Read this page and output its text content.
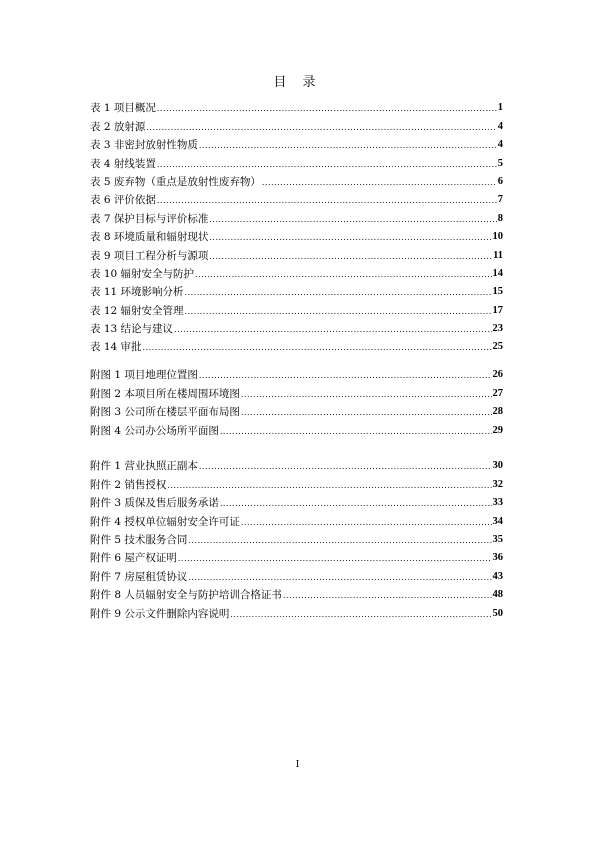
目 录
表 1 项目概况 .....	1
表 2 放射源 .....	4
表 3 非密封放射性物质 .....	4
表 4 射线装置 .....	5
表 5 废弃物（重点是放射性废弃物） .....	6
表 6 评价依据 .....	7
表 7 保护目标与评价标准 .....	8
表 8 环境质量和辐射现状 .....	10
表 9 项目工程分析与源项 .....	11
表 10 辐射安全与防护 .....	14
表 11 环境影响分析 .....	15
表 12 辐射安全管理 .....	17
表 13 结论与建议 .....	23
表 14 审批 .....	25
附图 1 项目地理位置图 .....	26
附图 2 本项目所在楼周围环境图 .....	27
附图 3 公司所在楼层平面布局图 .....	28
附图 4 公司办公场所平面图 .....	29
附件 1 营业执照正副本 .....	30
附件 2 销售授权 .....	32
附件 3 质保及售后服务承诺 .....	33
附件 4 授权单位辐射安全许可证 .....	34
附件 5 技术服务合同 .....	35
附件 6 屋产权证明 .....	36
附件 7 房屋租赁协议 .....	43
附件 8 人员辐射安全与防护培训合格证书 .....	48
附件 9 公示文件删除内容说明 .....	50
I
